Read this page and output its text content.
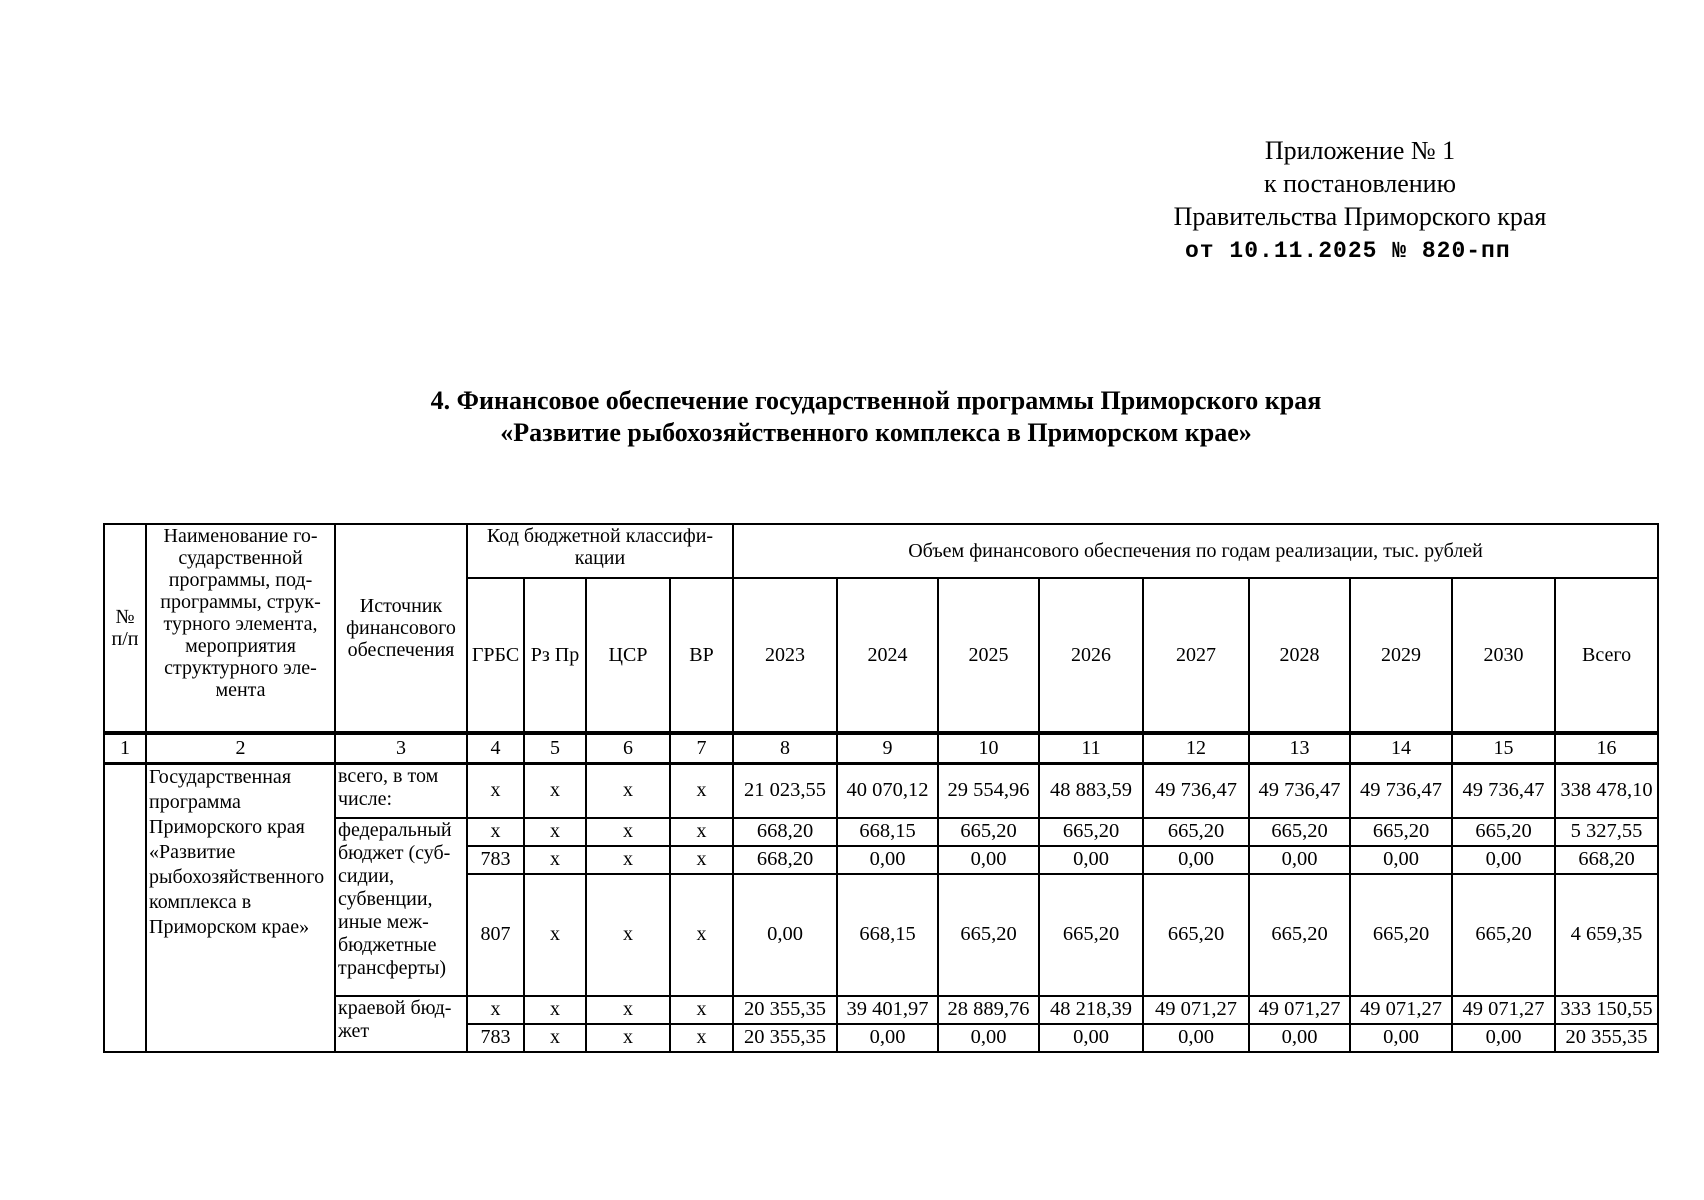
Приложение № 1
к постановлению
Правительства Приморского края
от 10.11.2025 № 820-пп
4. Финансовое обеспечение государственной программы Приморского края
«Развитие рыбохозяйственного комплекса в Приморском крае»
№ п/п	Наименование го-сударственной программы, под-программы, струк-турного элемента, мероприятия структурного эле-мента	Источник финансового обеспечения	Код бюджетной классифи-кации				Объем финансового обеспечения по годам реализации, тыс. рублей								
			ГРБС	Рз Пр	ЦСР	ВР	2023	2024	2025	2026	2027	2028	2029	2030	Всего
1	2	3	4	5	6	7	8	9	10	11	12	13	14	15	16
	Государственная программа Приморского края «Развитие рыбохозяйственного комплекса в Приморском крае»	всего, в том числе:	x	x	x	x	21 023,55	40 070,12	29 554,96	48 883,59	49 736,47	49 736,47	49 736,47	49 736,47	338 478,10
		федеральный бюджет (суб-сидии, субвенции, иные меж-бюджетные трансферты)	x	x	x	x	668,20	668,15	665,20	665,20	665,20	665,20	665,20	665,20	5 327,55
			783	x	x	x	668,20	0,00	0,00	0,00	0,00	0,00	0,00	0,00	668,20
			807	x	x	x	0,00	668,15	665,20	665,20	665,20	665,20	665,20	665,20	4 659,35
		краевой бюд-жет	x	x	x	x	20 355,35	39 401,97	28 889,76	48 218,39	49 071,27	49 071,27	49 071,27	49 071,27	333 150,55
			783	x	x	x	20 355,35	0,00	0,00	0,00	0,00	0,00	0,00	0,00	20 355,35
